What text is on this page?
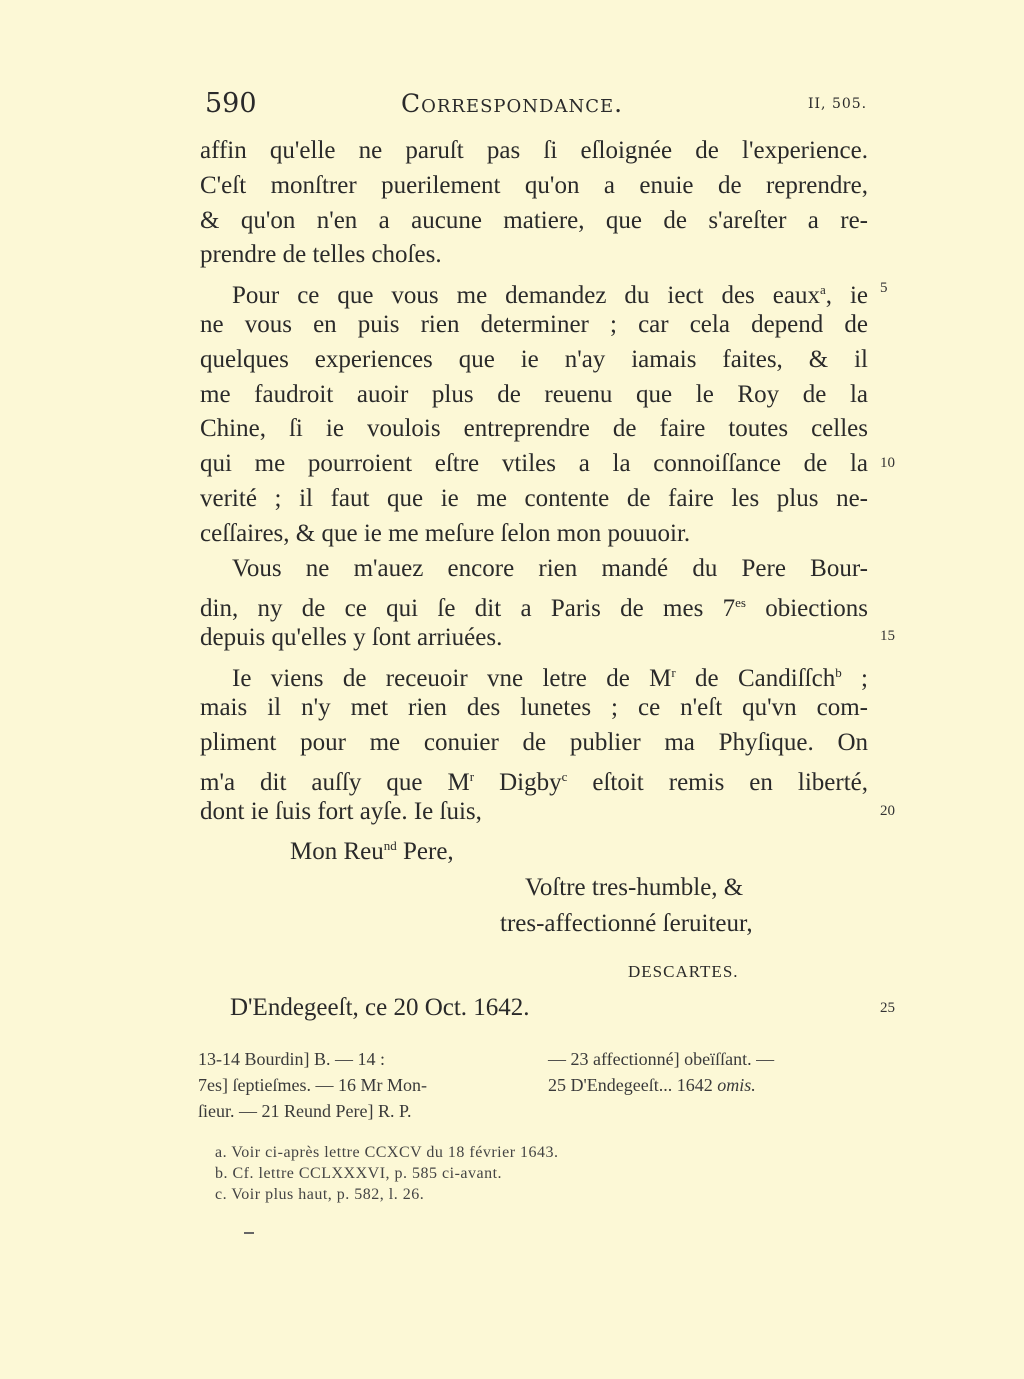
590	Correspondance.	II, 505.
affin qu'elle ne paruſt pas ſi eſloignée de l'experience.
C'eſt monſtrer puerilement qu'on a enuie de reprendre,
& qu'on n'en a aucune matiere, que de s'areſter a re-
prendre de telles choſes.
Pour ce que vous me demandez du iect des eaux$^a$, ie
ne vous en puis rien determiner ; car cela depend de
quelques experiences que ie n'ay iamais faites, & il
me faudroit auoir plus de reuenu que le Roy de la
Chine, ſi ie voulois entreprendre de faire toutes celles
qui me pourroient eſtre vtiles a la connoiſſance de la
verité ; il faut que ie me contente de faire les plus ne-
ceſſaires, & que ie me meſure ſelon mon pouuoir.
Vous ne m'auez encore rien mandé du Pere Bour-
din, ny de ce qui ſe dit a Paris de mes $7^{es}$ obiections
depuis qu'elles y ſont arriuées.
Ie viens de receuoir vne letre de $M^r$ de Candiſſch$^b$ ;
mais il n'y met rien des lunetes ; ce n'eſt qu'vn com-
pliment pour me conuier de publier ma Phyſique. On
m'a dit auſſy que $M^r$ Digby$^c$ eſtoit remis en liberté,
dont ie ſuis fort ayſe. Ie ſuis,
5
10
15
20
25
Mon Reu$^{nd}$ Pere,
Voſtre tres-humble, &
tres-affectionné ſeruiteur,
DESCARTES.
D'Endegeeſt, ce 20 Oct. 1642.
13-14 Bourdin] B. — 14 :
7es] ſeptieſmes. — 16 Mr Mon-
ſieur. — 21 Reund Pere] R. P.
— 23 affectionné] obeïſſant. —
25 D'Endegeeſt... 1642 omis.
a. Voir ci-après lettre CCXCV du 18 février 1643.
b. Cf. lettre CCLXXXVI, p. 585 ci-avant.
c. Voir plus haut, p. 582, l. 26.
